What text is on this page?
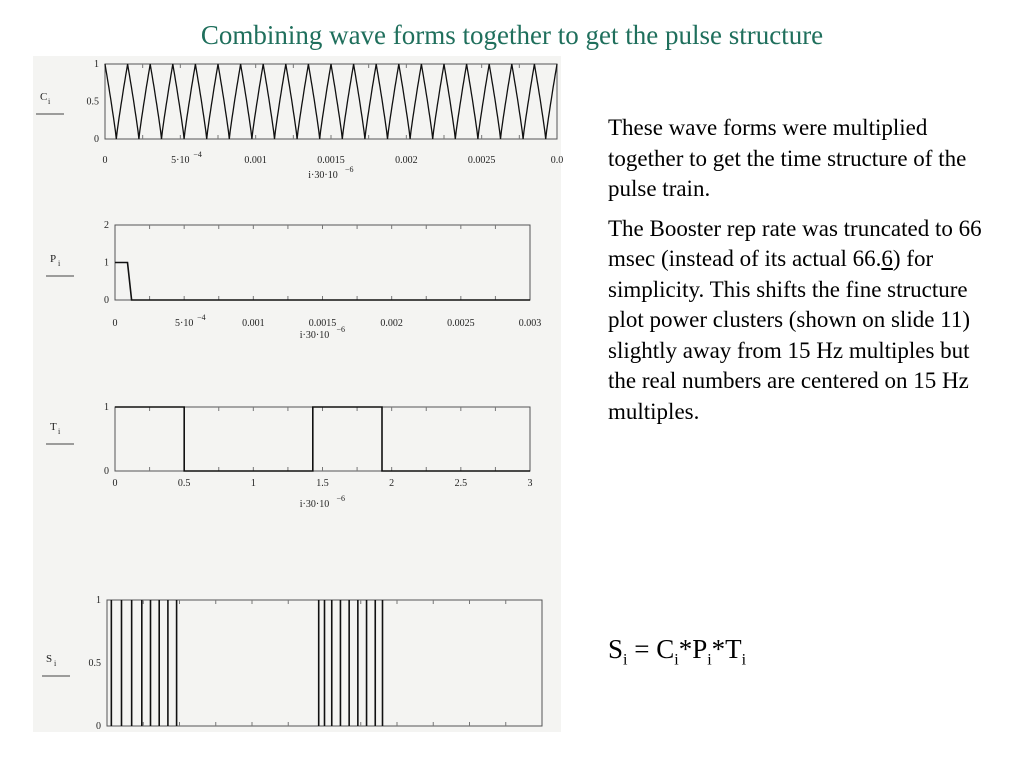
Combining wave forms together to get the pulse structure
0
0.5
1
C i
0	5·10
−4
0.001	0.0015	0.002	0.0025	0.0
i·30·10
−6
0
1
2
P i
0	5·10
−4
0.001	0.0015	0.002	0.0025	0.003
i·30·10
−6
0
1
T i
0	0.5	1	1.5	2	2.5	3
i·30·10
−6
0
0.5
1
S i

These wave forms were multiplied together to get the time structure of the pulse train.

The Booster rep rate was truncated to 66 msec (instead of its actual 66.6) for simplicity. This shifts the fine structure plot power clusters (shown on slide 11) slightly away from 15 Hz multiples but the real numbers are centered on 15 Hz multiples.

$S_i = C_i*P_i*T_i$
